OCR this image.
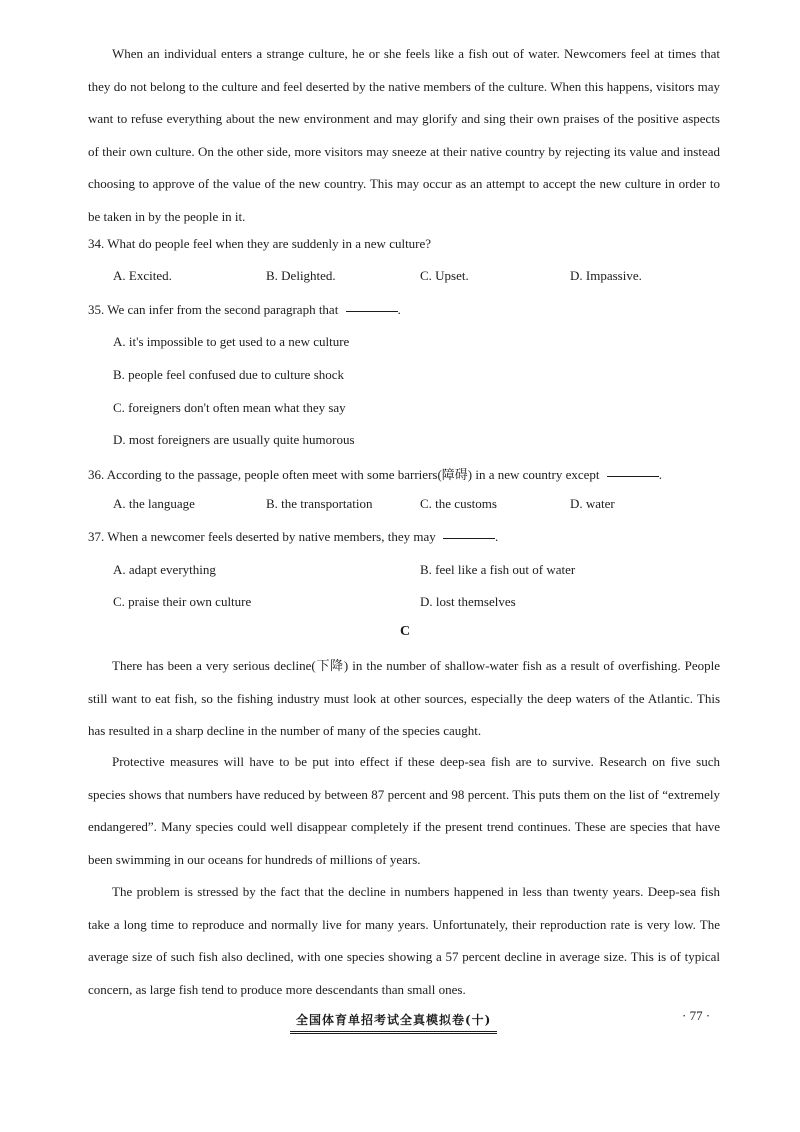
When an individual enters a strange culture, he or she feels like a fish out of water. Newcomers feel at times that they do not belong to the culture and feel deserted by the native members of the culture. When this happens, visitors may want to refuse everything about the new environment and may glorify and sing their own praises of the positive aspects of their own culture. On the other side, more visitors may sneeze at their native country by rejecting its value and instead choosing to approve of the value of the new country. This may occur as an attempt to accept the new culture in order to be taken in by the people in it.

34. What do people feel when they are suddenly in a new culture?

A. Excited.	B. Delighted.	C. Upset.	D. Impassive.

35. We can infer from the second paragraph that	.

A. it's impossible to get used to a new culture

B. people feel confused due to culture shock

C. foreigners don't often mean what they say

D. most foreigners are usually quite humorous

36. According to the passage, people often meet with some barriers(障碍) in a new country except	.

A. the language	B. the transportation	C. the customs	D. water

37. When a newcomer feels deserted by native members, they may	.

A. adapt everything	B. feel like a fish out of water

C. praise their own culture	D. lost themselves

C

There has been a very serious decline(下降) in the number of shallow-water fish as a result of overfishing. People still want to eat fish, so the fishing industry must look at other sources, especially the deep waters of the Atlantic. This has resulted in a sharp decline in the number of many of the species caught.

Protective measures will have to be put into effect if these deep-sea fish are to survive. Research on five such species shows that numbers have reduced by between 87 percent and 98 percent. This puts them on the list of “extremely endangered”. Many species could well disappear completely if the present trend continues. These are species that have been swimming in our oceans for hundreds of millions of years.

The problem is stressed by the fact that the decline in numbers happened in less than twenty years. Deep-sea fish take a long time to reproduce and normally live for many years. Unfortunately, their reproduction rate is very low. The average size of such fish also declined, with one species showing a 57 percent decline in average size. This is of typical concern, as large fish tend to produce more descendants than small ones.

全国体育单招考试全真模拟卷(十)	· 77 ·
